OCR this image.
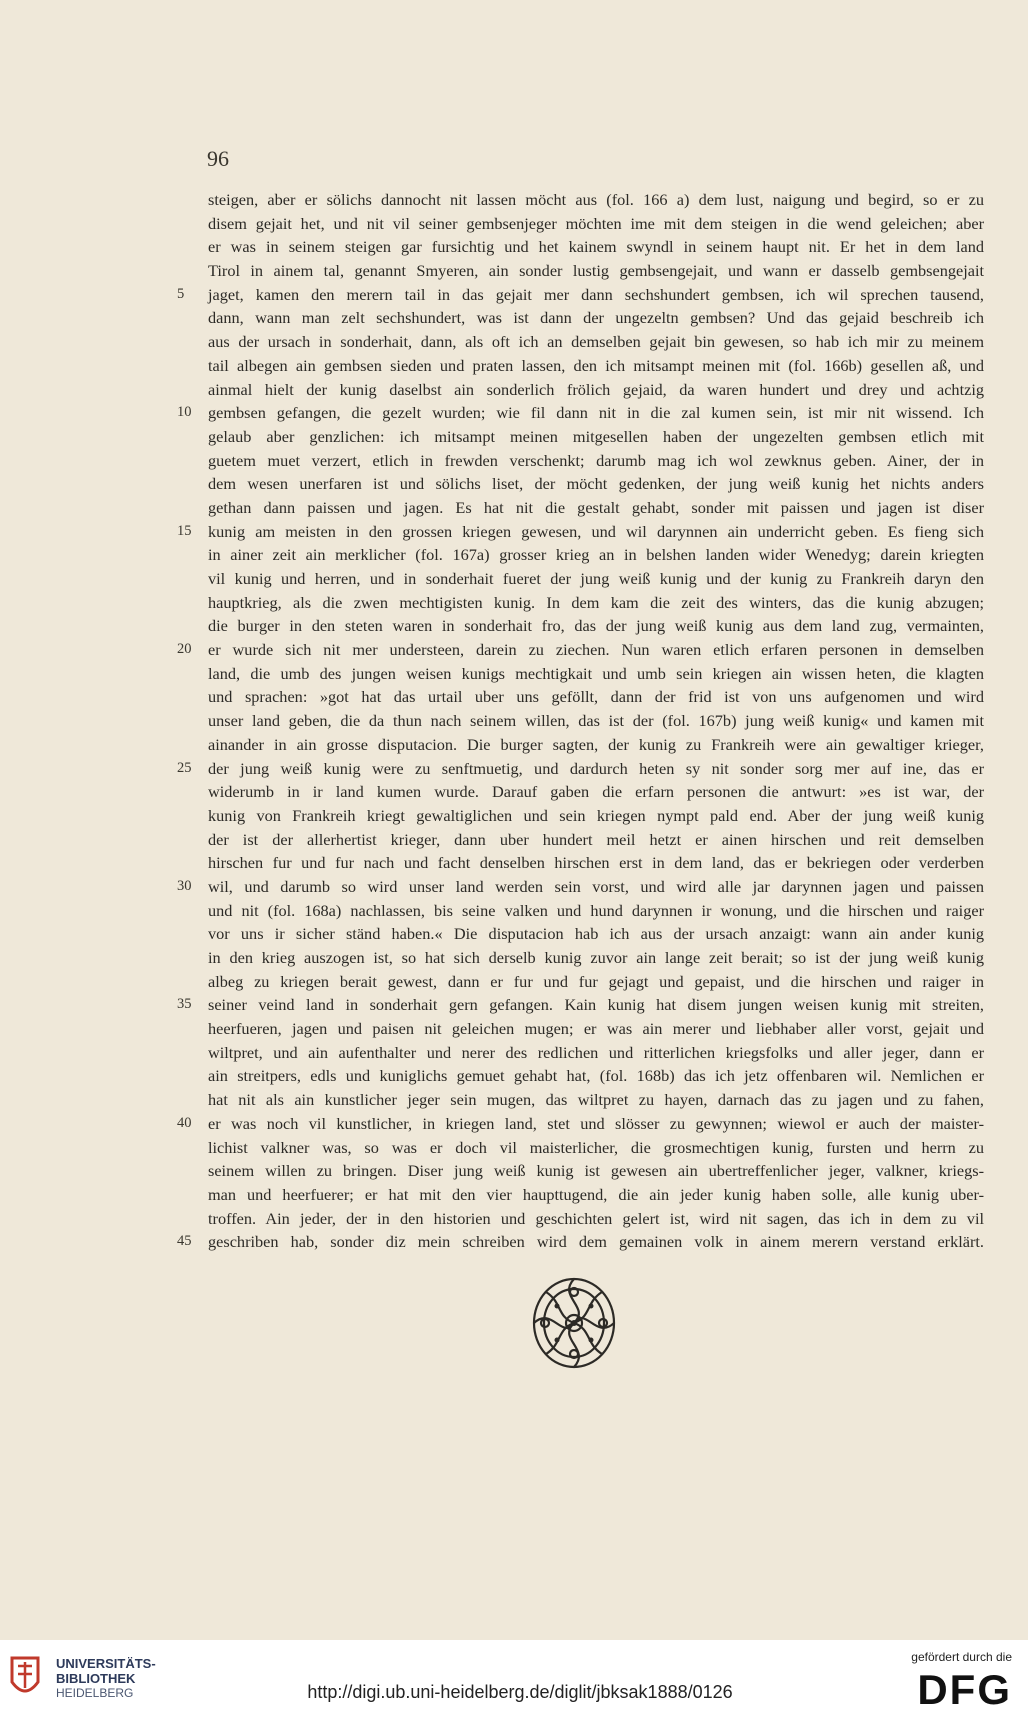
96
steigen, aber er sölichs dannocht nit lassen möcht aus (fol. 166 a) dem lust, naigung und begird, so er zu
disem gejait het, und nit vil seiner gembsenjeger möchten ime mit dem steigen in die wend geleichen; aber
er was in seinem steigen gar fursichtig und het kainem swyndl in seinem haupt nit. Er het in dem land
Tirol in ainem tal, genannt Smyeren, ain sonder lustig gembsengejait, und wann er dasselb gembsengejait
5	jaget, kamen den merern tail in das gejait mer dann sechshundert gembsen, ich wil sprechen tausend,
dann, wann man zelt sechshundert, was ist dann der ungezeltn gembsen? Und das gejaid beschreib ich
aus der ursach in sonderhait, dann, als oft ich an demselben gejait bin gewesen, so hab ich mir zu meinem
tail albegen ain gembsen sieden und praten lassen, den ich mitsampt meinen mit (fol. 166b) gesellen aß, und
ainmal hielt der kunig daselbst ain sonderlich frölich gejaid, da waren hundert und drey und achtzig
10	gembsen gefangen, die gezelt wurden; wie fil dann nit in die zal kumen sein, ist mir nit wissend. Ich
gelaub aber genzlichen: ich mitsampt meinen mitgesellen haben der ungezelten gembsen etlich mit
guetem muet verzert, etlich in frewden verschenkt; darumb mag ich wol zewknus geben. Ainer, der in
dem wesen unerfaren ist und sölichs liset, der möcht gedenken, der jung weiß kunig het nichts anders
gethan dann paissen und jagen. Es hat nit die gestalt gehabt, sonder mit paissen und jagen ist diser
15	kunig am meisten in den grossen kriegen gewesen, und wil darynnen ain underricht geben. Es fieng sich
in ainer zeit ain merklicher (fol. 167a) grosser krieg an in belshen landen wider Wenedyg; darein kriegten
vil kunig und herren, und in sonderhait fueret der jung weiß kunig und der kunig zu Frankreih daryn den
hauptkrieg, als die zwen mechtigisten kunig. In dem kam die zeit des winters, das die kunig abzugen;
die burger in den steten waren in sonderhait fro, das der jung weiß kunig aus dem land zug, vermainten,
20	er wurde sich nit mer understeen, darein zu ziechen. Nun waren etlich erfaren personen in demselben
land, die umb des jungen weisen kunigs mechtigkait und umb sein kriegen ain wissen heten, die klagten
und sprachen: »got hat das urtail uber uns geföllt, dann der frid ist von uns aufgenomen und wird
unser land geben, die da thun nach seinem willen, das ist der (fol. 167b) jung weiß kunig« und kamen mit
ainander in ain grosse disputacion. Die burger sagten, der kunig zu Frankreih were ain gewaltiger krieger,
25	der jung weiß kunig were zu senftmuetig, und dardurch heten sy nit sonder sorg mer auf ine, das er
widerumb in ir land kumen wurde. Darauf gaben die erfarn personen die antwurt: »es ist war, der
kunig von Frankreih kriegt gewaltiglichen und sein kriegen nympt pald end. Aber der jung weiß kunig
der ist der allerhertist krieger, dann uber hundert meil hetzt er ainen hirschen und reit demselben
hirschen fur und fur nach und facht denselben hirschen erst in dem land, das er bekriegen oder verderben
30	wil, und darumb so wird unser land werden sein vorst, und wird alle jar darynnen jagen und paissen
und nit (fol. 168a) nachlassen, bis seine valken und hund darynnen ir wonung, und die hirschen und raiger
vor uns ir sicher ständ haben.« Die disputacion hab ich aus der ursach anzaigt: wann ain ander kunig
in den krieg auszogen ist, so hat sich derselb kunig zuvor ain lange zeit berait; so ist der jung weiß kunig
albeg zu kriegen berait gewest, dann er fur und fur gejagt und gepaist, und die hirschen und raiger in
35	seiner veind land in sonderhait gern gefangen. Kain kunig hat disem jungen weisen kunig mit streiten,
heerfueren, jagen und paisen nit geleichen mugen; er was ain merer und liebhaber aller vorst, gejait und
wiltpret, und ain aufenthalter und nerer des redlichen und ritterlichen kriegsfolks und aller jeger, dann er
ain streitpers, edls und kuniglichs gemuet gehabt hat, (fol. 168b) das ich jetz offenbaren wil. Nemlichen er
hat nit als ain kunstlicher jeger sein mugen, das wiltpret zu hayen, darnach das zu jagen und zu fahen,
40	er was noch vil kunstlicher, in kriegen land, stet und slösser zu gewynnen; wiewol er auch der maister-
lichist valkner was, so was er doch vil maisterlicher, die grosmechtigen kunig, fursten und herrn zu
seinem willen zu bringen. Diser jung weiß kunig ist gewesen ain ubertreffenlicher jeger, valkner, kriegs-
man und heerfuerer; er hat mit den vier haupttugend, die ain jeder kunig haben solle, alle kunig uber-
troffen. Ain jeder, der in den historien und geschichten gelert ist, wird nit sagen, das ich in dem zu vil
45	geschriben hab, sonder diz mein schreiben wird dem gemainen volk in ainem merern verstand erklärt.
UNIVERSITÄTS-
BIBLIOTHEK
HEIDELBERG	http://digi.ub.uni-heidelberg.de/diglit/jbksak1888/0126
gefördert durch die
DFG
